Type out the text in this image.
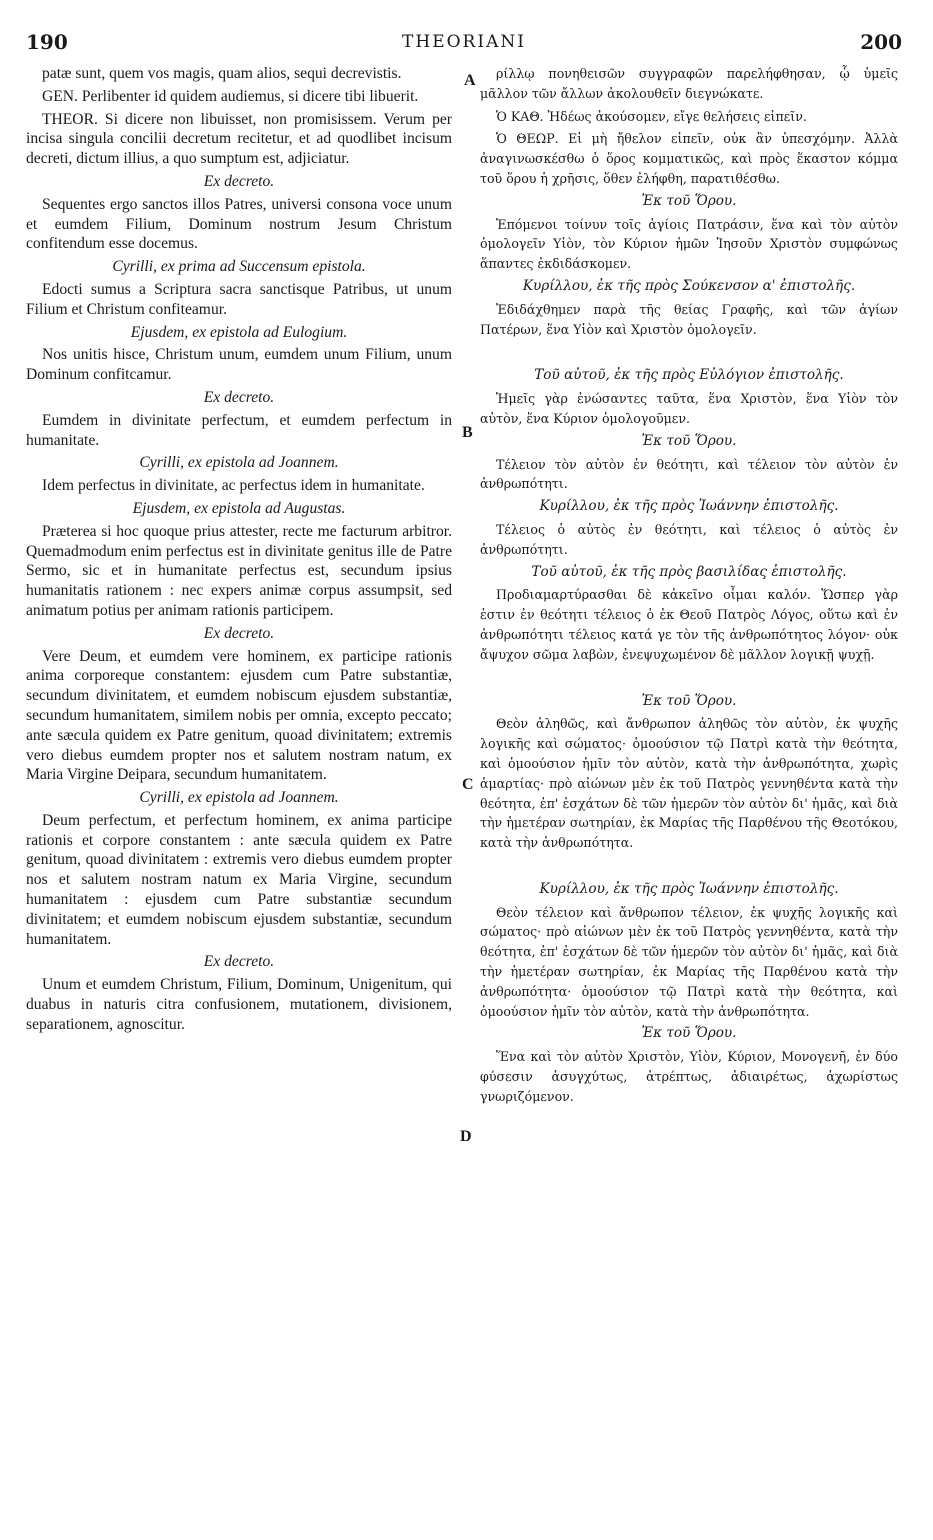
190	THEORIANI	200

patæ sunt, quem vos magis, quam alios, sequi decrevistis.

GEN. Perlibenter id quidem audiemus, si dicere tibi libuerit.

THEOR. Si dicere non libuisset, non promisissem. Verum per incisa singula concilii decretum recitetur, et ad quodlibet incisum decreti, dictum illius, a quo sumptum est, adjiciatur.

Ex decreto.

Sequentes ergo sanctos illos Patres, universi consona voce unum et eumdem Filium, Dominum nostrum Jesum Christum confitendum esse docemus.

Cyrilli, ex prima ad Succensum epistola.

Edocti sumus a Scriptura sacra sanctisque Patribus, ut unum Filium et Christum confiteamur.

Ejusdem, ex epistola ad Eulogium.

Nos unitis hisce, Christum unum, eumdem unum Filium, unum Dominum confitcamur.

Ex decreto.

Eumdem in divinitate perfectum, et eumdem perfectum in humanitate.

Cyrilli, ex epistola ad Joannem.

Idem perfectus in divinitate, ac perfectus idem in humanitate.

Ejusdem, ex epistola ad Augustas.

Præterea si hoc quoque prius attester, recte me facturum arbitror. Quemadmodum enim perfectus est in divinitate genitus ille de Patre Sermo, sic et in humanitate perfectus est, secundum ipsius humanitatis rationem : nec expers animæ corpus assumpsit, sed animatum potius per animam rationis participem.

Ex decreto.

Vere Deum, et eumdem vere hominem, ex participe rationis anima corporeque constantem: ejusdem cum Patre substantiæ, secundum divinitatem, et eumdem nobiscum ejusdem substantiæ, secundum humanitatem, similem nobis per omnia, excepto peccato; ante sæcula quidem ex Patre genitum, quoad divinitatem; extremis vero diebus eumdem propter nos et salutem nostram natum, ex Maria Virgine Deipara, secundum humanitatem.

Cyrilli, ex epistola ad Joannem.

Deum perfectum, et perfectum hominem, ex anima participe rationis et corpore constantem : ante sæcula quidem ex Patre genitum, quoad divinitatem : extremis vero diebus eumdem propter nos et salutem nostram natum ex Maria Virgine, secundum humanitatem : ejusdem cum Patre substantiæ secundum divinitatem; et eumdem nobiscum ejusdem substantiæ, secundum humanitatem.

Ex decreto.

Unum et eumdem Christum, Filium, Dominum, Unigenitum, qui duabus in naturis citra confusionem, mutationem, divisionem, separationem, agnoscitur.

ρίλλῳ πονηθεισῶν συγγραφῶν παρελήφθησαν, ᾧ ὑμεῖς μᾶλλον τῶν ἄλλων ἀκολουθεῖν διεγνώκατε.

Ὁ ΚΑΘ. Ἡδέως ἀκούσομεν, εἴγε θελήσεις εἰπεῖν.

Ὁ ΘΕΩΡ. Εἰ μὴ ἤθελον εἰπεῖν, οὐκ ἂν ὑπεσχόμην. Ἀλλὰ ἀναγινωσκέσθω ὁ ὅρος κομματικῶς, καὶ πρὸς ἕκαστον κόμμα τοῦ ὅρου ἡ χρῆσις, ὅθεν ἐλήφθη, παρατιθέσθω.

Ἐκ τοῦ Ὅρου.

Ἑπόμενοι τοίνυν τοῖς ἁγίοις Πατράσιν, ἕνα καὶ τὸν αὐτὸν ὁμολογεῖν Υἱὸν, τὸν Κύριον ἡμῶν Ἰησοῦν Χριστὸν συμφώνως ἅπαντες ἐκδιδάσκομεν.

Κυρίλλου, ἐκ τῆς πρὸς Σούκενσον α' ἐπιστολῆς.

Ἐδιδάχθημεν παρὰ τῆς θείας Γραφῆς, καὶ τῶν ἁγίων Πατέρων, ἕνα Υἱὸν καὶ Χριστὸν ὁμολογεῖν.

Τοῦ αὐτοῦ, ἐκ τῆς πρὸς Εὐλόγιον ἐπιστολῆς.

Ἡμεῖς γὰρ ἑνώσαντες ταῦτα, ἕνα Χριστὸν, ἕνα Υἱὸν τὸν αὐτὸν, ἕνα Κύριον ὁμολογοῦμεν.

Ἐκ τοῦ Ὅρου.

Τέλειον τὸν αὐτὸν ἐν θεότητι, καὶ τέλειον τὸν αὐτὸν ἐν ἀνθρωπότητι.

Κυρίλλου, ἐκ τῆς πρὸς Ἰωάννην ἐπιστολῆς.

Τέλειος ὁ αὐτὸς ἐν θεότητι, καὶ τέλειος ὁ αὐτὸς ἐν ἀνθρωπότητι.

Τοῦ αὐτοῦ, ἐκ τῆς πρὸς βασιλίδας ἐπιστολῆς.

Προδιαμαρτύρασθαι δὲ κἀκεῖνο οἶμαι καλόν. Ὥσπερ γὰρ ἐστιν ἐν θεότητι τέλειος ὁ ἐκ Θεοῦ Πατρὸς Λόγος, οὕτω καὶ ἐν ἀνθρωπότητι τέλειος κατά γε τὸν τῆς ἀνθρωπότητος λόγον· οὐκ ἄψυχον σῶμα λαβὼν, ἐνεψυχωμένον δὲ μᾶλλον λογικῇ ψυχῇ.

Ἐκ τοῦ Ὅρου.

Θεὸν ἀληθῶς, καὶ ἄνθρωπον ἀληθῶς τὸν αὐτὸν, ἐκ ψυχῆς λογικῆς καὶ σώματος· ὁμοούσιον τῷ Πατρὶ κατὰ τὴν θεότητα, καὶ ὁμοούσιον ἡμῖν τὸν αὐτὸν, κατὰ τὴν ἀνθρωπότητα, χωρὶς ἁμαρτίας· πρὸ αἰώνων μὲν ἐκ τοῦ Πατρὸς γεννηθέντα κατὰ τὴν θεότητα, ἐπ' ἐσχάτων δὲ τῶν ἡμερῶν τὸν αὐτὸν δι' ἡμᾶς, καὶ διὰ τὴν ἡμετέραν σωτηρίαν, ἐκ Μαρίας τῆς Παρθένου τῆς Θεοτόκου, κατὰ τὴν ἀνθρωπότητα.

Κυρίλλου, ἐκ τῆς πρὸς Ἰωάννην ἐπιστολῆς.

Θεὸν τέλειον καὶ ἄνθρωπον τέλειον, ἐκ ψυχῆς λογικῆς καὶ σώματος· πρὸ αἰώνων μὲν ἐκ τοῦ Πατρὸς γεννηθέντα, κατὰ τὴν θεότητα, ἐπ' ἐσχάτων δὲ τῶν ἡμερῶν τὸν αὐτὸν δι' ἡμᾶς, καὶ διὰ τὴν ἡμετέραν σωτηρίαν, ἐκ Μαρίας τῆς Παρθένου κατὰ τὴν ἀνθρωπότητα· ὁμοούσιον τῷ Πατρὶ κατὰ τὴν θεότητα, καὶ ὁμοούσιον ἡμῖν τὸν αὐτὸν, κατὰ τὴν ἀνθρωπότητα.

Ἐκ τοῦ Ὅρου.

Ἕνα καὶ τὸν αὐτὸν Χριστὸν, Υἱὸν, Κύριον, Μονογενῆ, ἐν δύο φύσεσιν ἀσυγχύτως, ἀτρέπτως, ἀδιαιρέτως, ἀχωρίστως γνωριζόμενον.

A
B
C
D
